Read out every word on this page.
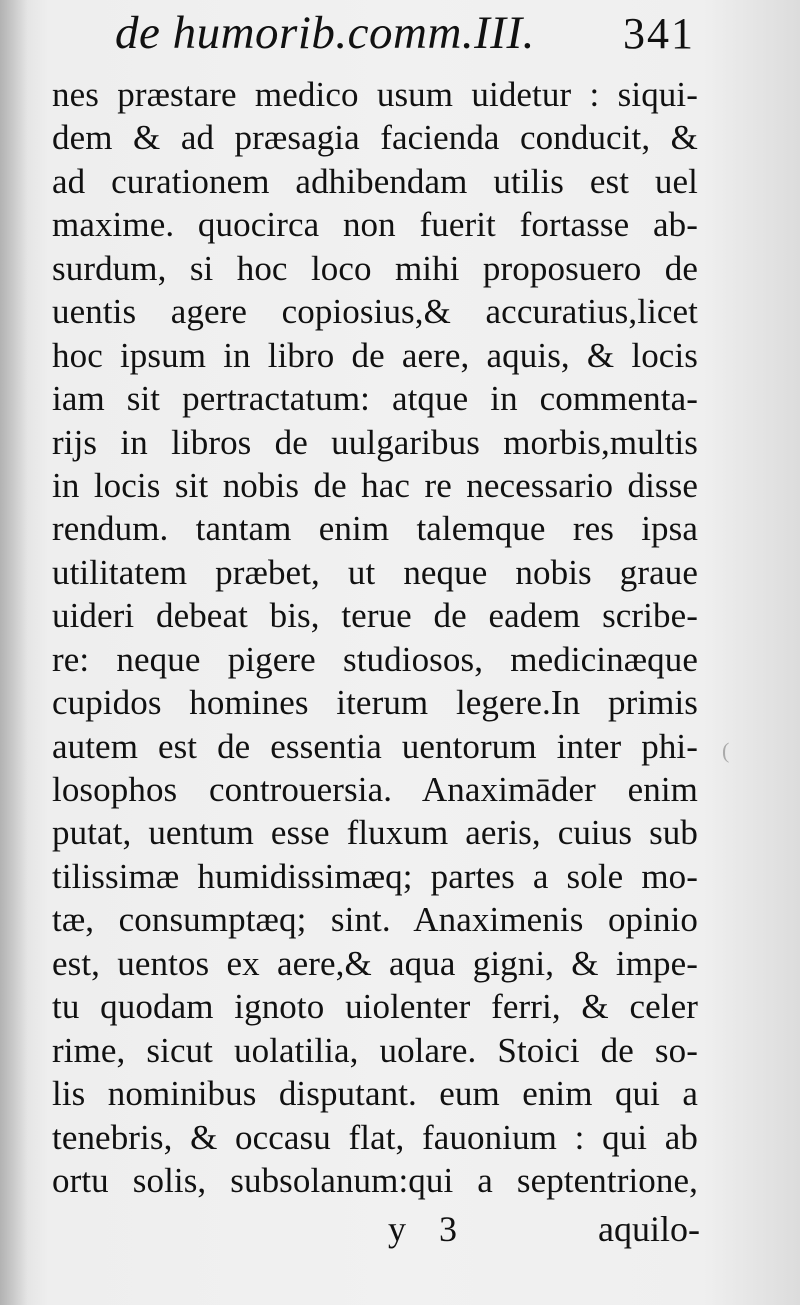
de humorib.comm.III. 341
nes præstare medico usum uidetur : siqui-
dem & ad præsagia facienda conducit, &
ad curationem adhibendam utilis est uel
maxime. quocirca non fuerit fortasse ab-
surdum, si hoc loco mihi proposuero de
uentis agere copiosius,& accuratius,licet
hoc ipsum in libro de aere, aquis, & locis
iam sit pertractatum: atque in commenta-
rijs in libros de uulgaribus morbis,multis
in locis sit nobis de hac re necessario disse
rendum. tantam enim talemque res ipsa
utilitatem præbet, ut neque nobis graue
uideri debeat bis, terue de eadem scribe-
re: neque pigere studiosos, medicinæque
cupidos homines iterum legere.In primis
autem est de essentia uentorum inter phi-
losophos controuersia. Anaximāder enim
putat, uentum esse fluxum aeris, cuius sub
tilissimæ humidissimæq; partes a sole mo-
tæ, consumptæq; sint. Anaximenis opinio
est, uentos ex aere,& aqua gigni, & impe-
tu quodam ignoto uiolenter ferri, & celer
rime, sicut uolatilia, uolare. Stoici de so-
lis nominibus disputant. eum enim qui a
tenebris, & occasu flat, fauonium : qui ab
ortu solis, subsolanum:qui a septentrione,
(
y 3	aquilo-
